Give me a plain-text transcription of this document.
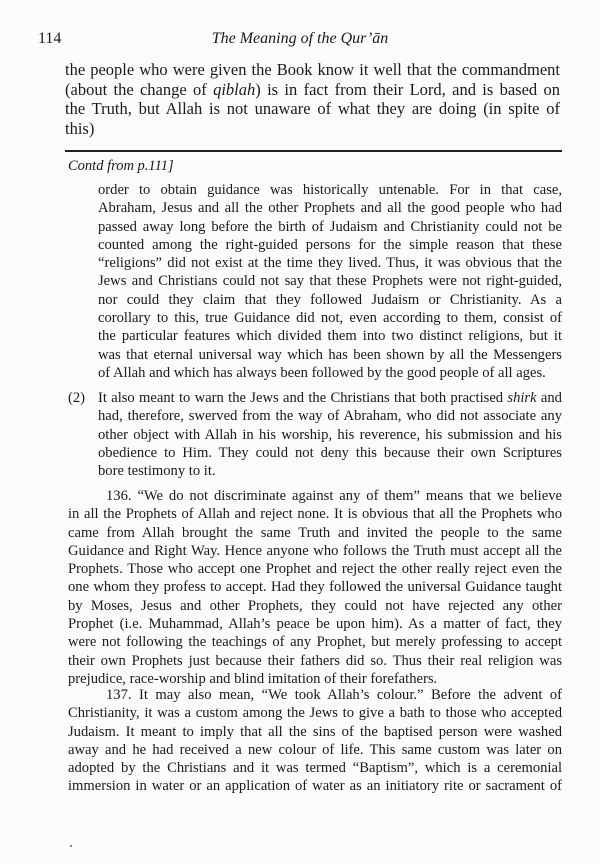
114	The Meaning of the Qur’ān
the people who were given the Book know it well that the commandment
(about the change of qiblah) is in fact from their Lord, and is based on
the Truth, but Allah is not unaware of what they are doing (in spite of
this)
Contd from p.111]
order to obtain guidance was historically untenable. For in that case,
Abraham, Jesus and all the other Prophets and all the good people who had
passed away long before the birth of Judaism and Christianity could not be
counted among the right-guided persons for the simple reason that these
“religions” did not exist at the time they lived. Thus, it was obvious that the
Jews and Christians could not say that these Prophets were not right-guided,
nor could they claim that they followed Judaism or Christianity. As a
corollary to this, true Guidance did not, even according to them, consist of
the particular features which divided them into two distinct religions, but it
was that eternal universal way which has been shown by all the Messengers
of Allah and which has always been followed by the good people of all ages.
(2) It also meant to warn the Jews and the Christians that both practised shirk and
had, therefore, swerved from the way of Abraham, who did not associate any
other object with Allah in his worship, his reverence, his submission and his
obedience to Him. They could not deny this because their own Scriptures
bore testimony to it.
136. “We do not discriminate against any of them” means that we believe
in all the Prophets of Allah and reject none. It is obvious that all the Prophets who
came from Allah brought the same Truth and invited the people to the same
Guidance and Right Way. Hence anyone who follows the Truth must accept all the
Prophets. Those who accept one Prophet and reject the other really reject even the
one whom they profess to accept. Had they followed the universal Guidance taught
by Moses, Jesus and other Prophets, they could not have rejected any other
Prophet (i.e. Muhammad, Allah’s peace be upon him). As a matter of fact, they
were not following the teachings of any Prophet, but merely professing to accept
their own Prophets just because their fathers did so. Thus their real religion was
prejudice, race-worship and blind imitation of their forefathers.
137. It may also mean, “We took Allah’s colour.” Before the advent of
Christianity, it was a custom among the Jews to give a bath to those who accepted
Judaism. It meant to imply that all the sins of the baptised person were washed
away and he had received a new colour of life. This same custom was later on
adopted by the Christians and it was termed “Baptism”, which is a ceremonial
immersion in water or an application of water as an initiatory rite or sacrament of
